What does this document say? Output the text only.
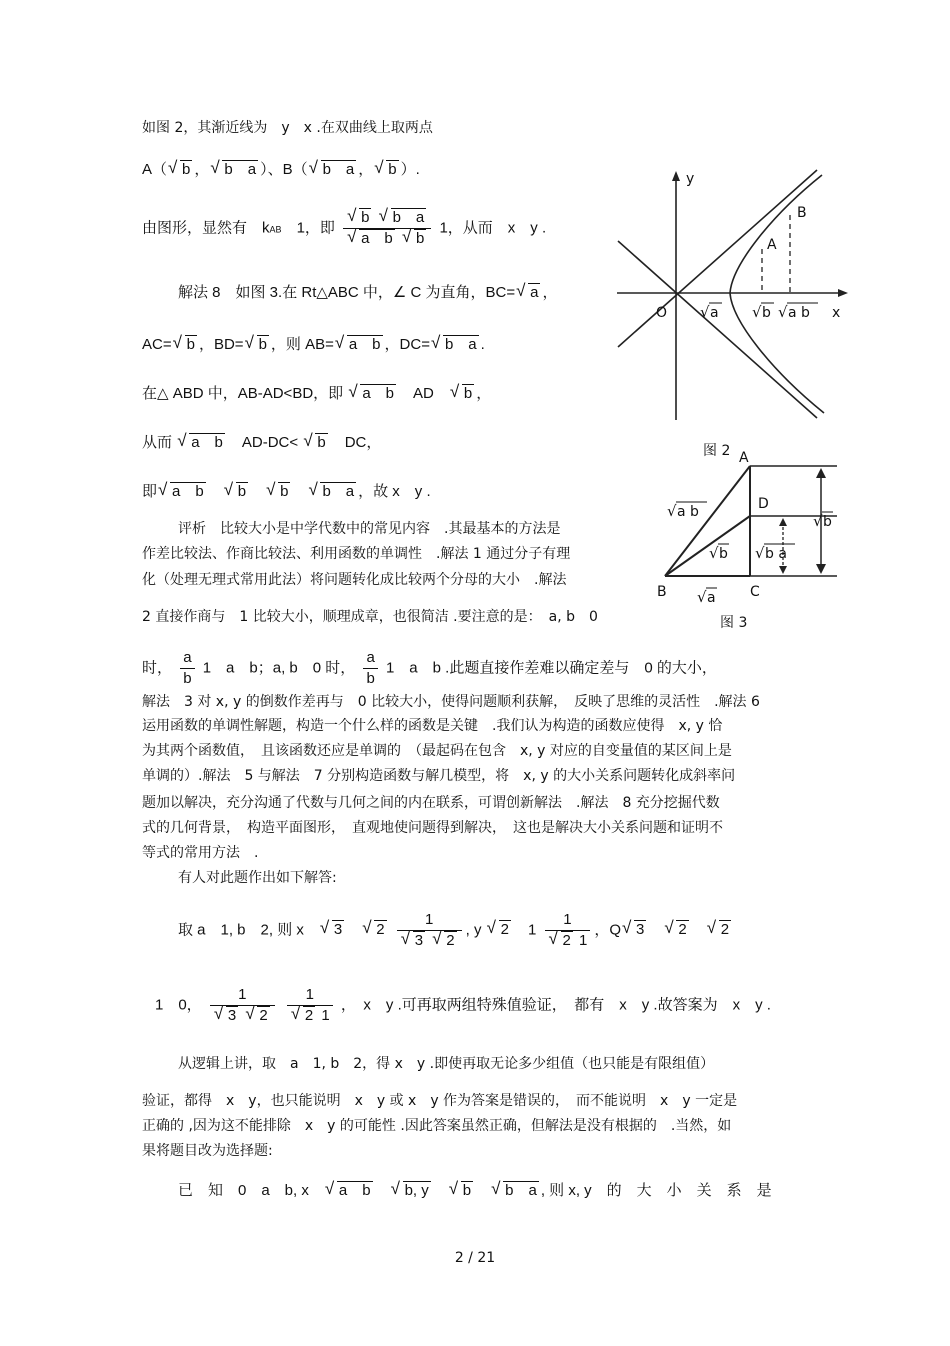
如图 2，其渐近线为　y　x .在双曲线上取两点
A（ √ b ， √ b　a ）、B（ √ b　a ， √ b ）.
由图形，显然有　 kAB　 1，即 √ b √ b　a
√ a　b √ b 1，从而　x　y .
解法 8　如图 3.在 Rt△ABC 中，∠ C 为直角，BC= √ a ，
AC= √ b ，BD= √ b ，则 AB= √ a　b ，DC= √ b　a .
在△ ABD 中，AB-AD<BD，即 √ a　b　 AD　 √ b ，
从而 √ a　b　 AD-DC< √ b　 DC，
即 √ a　b　 √ b　 √ b　 √ b　a ，故 x　y .
评析　比较大小是中学代数中的常见内容　.其最基本的方法是
作差比较法、作商比较法、利用函数的单调性　.解法 1 通过分子有理
化（处理无理式常用此法）将问题转化成比较两个分母的大小　.解法
2 直接作商与　1 比较大小，顺理成章，也很简洁 .要注意的是：　a, b　0
时， $\frac{a}{b} 1$　a　b；a, b　0 时， $\frac{a}{b} 1$　a　b .此题直接作差难以确定差与　0 的大小，
解法　3 对 x, y 的倒数作差再与　0 比较大小，使得问题顺利获解，　反映了思维的灵活性　.解法 6
运用函数的单调性解题，构造一个什么样的函数是关键　.我们认为构造的函数应使得　x, y 恰
为其两个函数值，　且该函数还应是单调的　（最起码在包含　x, y 对应的自变量值的某区间上是
单调的）.解法　5 与解法　7 分别构造函数与解几模型，将　x, y 的大小关系问题转化成斜率问
题加以解决，充分沟通了代数与几何之间的内在联系，可谓创新解法　.解法　8 充分挖掘代数
式的几何背景，　构造平面图形，　直观地使问题得到解决，　这也是解决大小关系问题和证明不
等式的常用方法　.
有人对此题作出如下解答:
取 a　1, b　2, 则 x　 √ 3　 √ 2 1
√ 3 √ 2 , y √ 2　 1 1
√ 2 1 ，Q √ 3　 √ 2　 √ 2
1　0， 1
√ 3 √ 2
1
√ 2 1 ，　x　y .可再取两组特殊值验证，　都有　x　y .故答案为　x　y .
从逻辑上讲，取　a　1, b　2，得 x　y .即使再取无论多少组值（也只能是有限组值）
验证，都得　x　y，也只能说明　x　y 或 x　y 作为答案是错误的，　而不能说明　x　y 一定是
正确的 ,因为这不能排除　x　y 的可能性 .因此答案虽然正确，但解法是没有根据的　.当然，如
果将题目改为选择题:
已　知　0　a　b, x　 √ a　b　 √ b, y　 √ b　 √ b　a , 则 x, y　的　大　小　关　系　是
y
x
O
A
B
√ a √ b √ a b
图 2 A
B	C
D
√ a b
√ b
√ a
√ b
√ b a
图 3
2 / 21
